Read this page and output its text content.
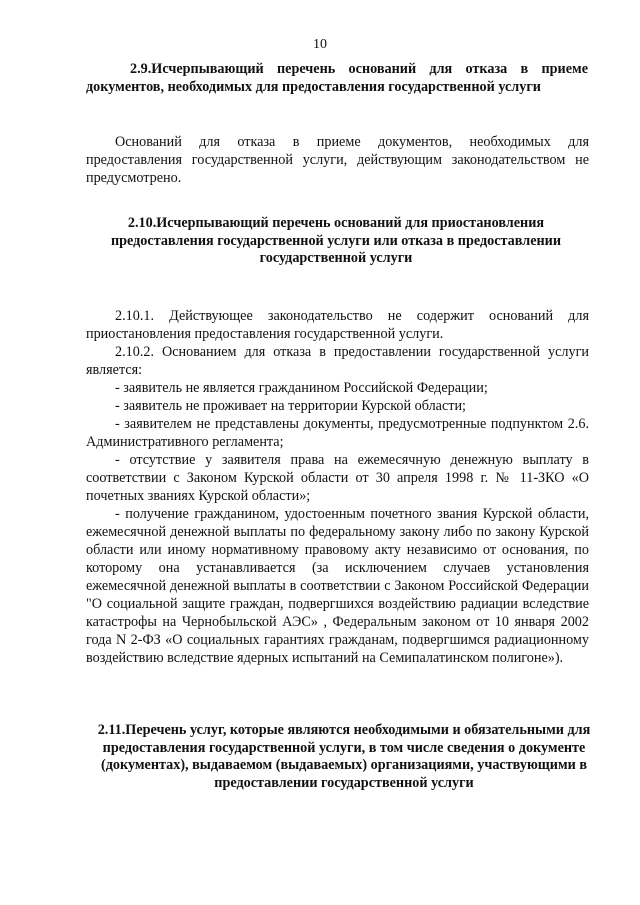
10
2.9.Исчерпывающий перечень оснований для отказа в приеме
документов, необходимых для предоставления государственной услуги
Оснований для отказа в приеме документов, необходимых для предоставления государственной услуги, действующим законодательством не предусмотрено.
2.10.Исчерпывающий перечень оснований для приостановления предоставления государственной услуги или отказа в предоставлении государственной услуги

2.10.1. Действующее законодательство не содержит оснований для приостановления предоставления государственной услуги.

2.10.2. Основанием для отказа в предоставлении государственной услуги является:

- заявитель не является гражданином Российской Федерации;

- заявитель не проживает на территории Курской области;

- заявителем не представлены документы, предусмотренные подпунктом 2.6. Административного регламента;

- отсутствие у заявителя права на ежемесячную денежную выплату в соответствии с Законом Курской области от 30 апреля 1998 г. № 11-ЗКО «О почетных званиях Курской области»;

- получение гражданином, удостоенным почетного звания Курской области, ежемесячной денежной выплаты по федеральному закону либо по закону Курской области или иному нормативному правовому акту независимо от основания, по которому она устанавливается (за исключением случаев установления ежемесячной денежной выплаты в соответствии с Законом Российской Федерации "О социальной защите граждан, подвергшихся воздействию радиации вследствие катастрофы на Чернобыльской АЭС» , Федеральным законом от 10 января 2002 года N 2-ФЗ «О социальных гарантиях гражданам, подвергшимся радиационному воздействию вследствие ядерных испытаний на Семипалатинском полигоне»).

2.11.Перечень услуг, которые являются необходимыми и обязательными для предоставления государственной услуги, в том числе сведения о документе (документах), выдаваемом (выдаваемых) организациями, участвующими в предоставлении государственной услуги
